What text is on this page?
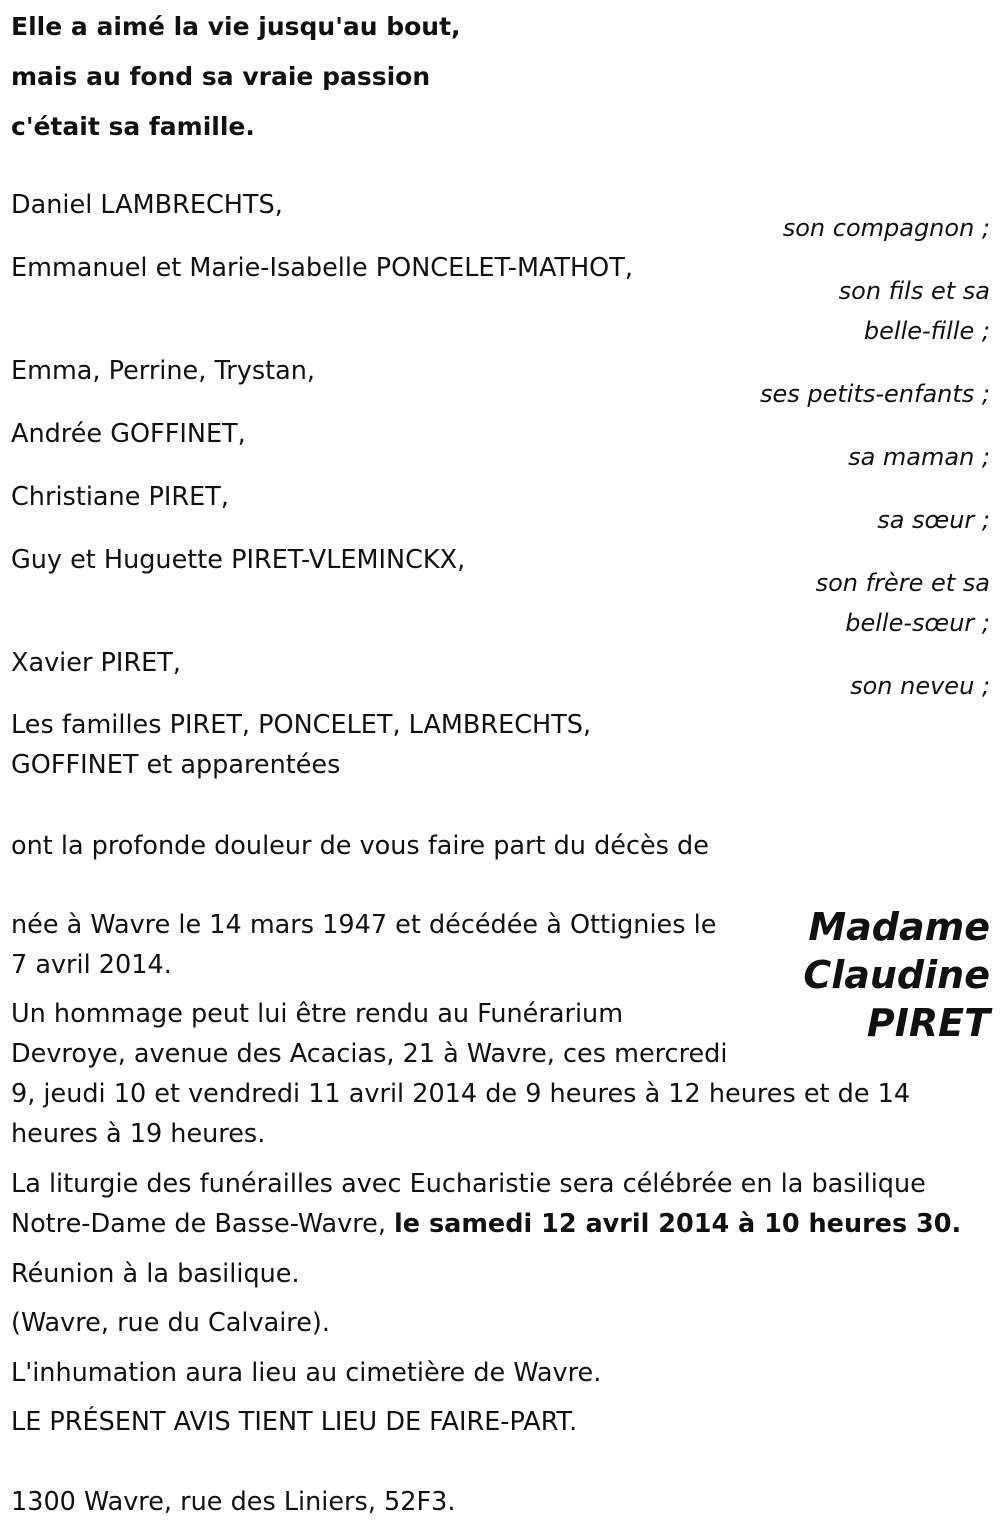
Elle a aimé la vie jusqu'au bout,
mais au fond sa vraie passion
c'était sa famille.
Daniel LAMBRECHTS,
son compagnon ;
Emmanuel et Marie-Isabelle PONCELET-MATHOT,
son fils et sa
belle-fille ;
Emma, Perrine, Trystan,
ses petits-enfants ;
Andrée GOFFINET,
sa maman ;
Christiane PIRET,
sa sœur ;
Guy et Huguette PIRET-VLEMINCKX,
son frère et sa
belle-sœur ;
Xavier PIRET,
son neveu ;
Les familles PIRET, PONCELET, LAMBRECHTS,
GOFFINET et apparentées
ont la profonde douleur de vous faire part du décès de
Madame
Claudine
PIRET
née à Wavre le 14 mars 1947 et décédée à Ottignies le
7 avril 2014.
Un hommage peut lui être rendu au Funérarium
Devroye, avenue des Acacias, 21 à Wavre, ces mercredi
9, jeudi 10 et vendredi 11 avril 2014 de 9 heures à 12 heures et de 14
heures à 19 heures.
La liturgie des funérailles avec Eucharistie sera célébrée en la basilique
Notre-Dame de Basse-Wavre, le samedi 12 avril 2014 à 10 heures 30.
Réunion à la basilique.
(Wavre, rue du Calvaire).
L'inhumation aura lieu au cimetière de Wavre.
LE PRÉSENT AVIS TIENT LIEU DE FAIRE-PART.
1300 Wavre, rue des Liniers, 52F3.
